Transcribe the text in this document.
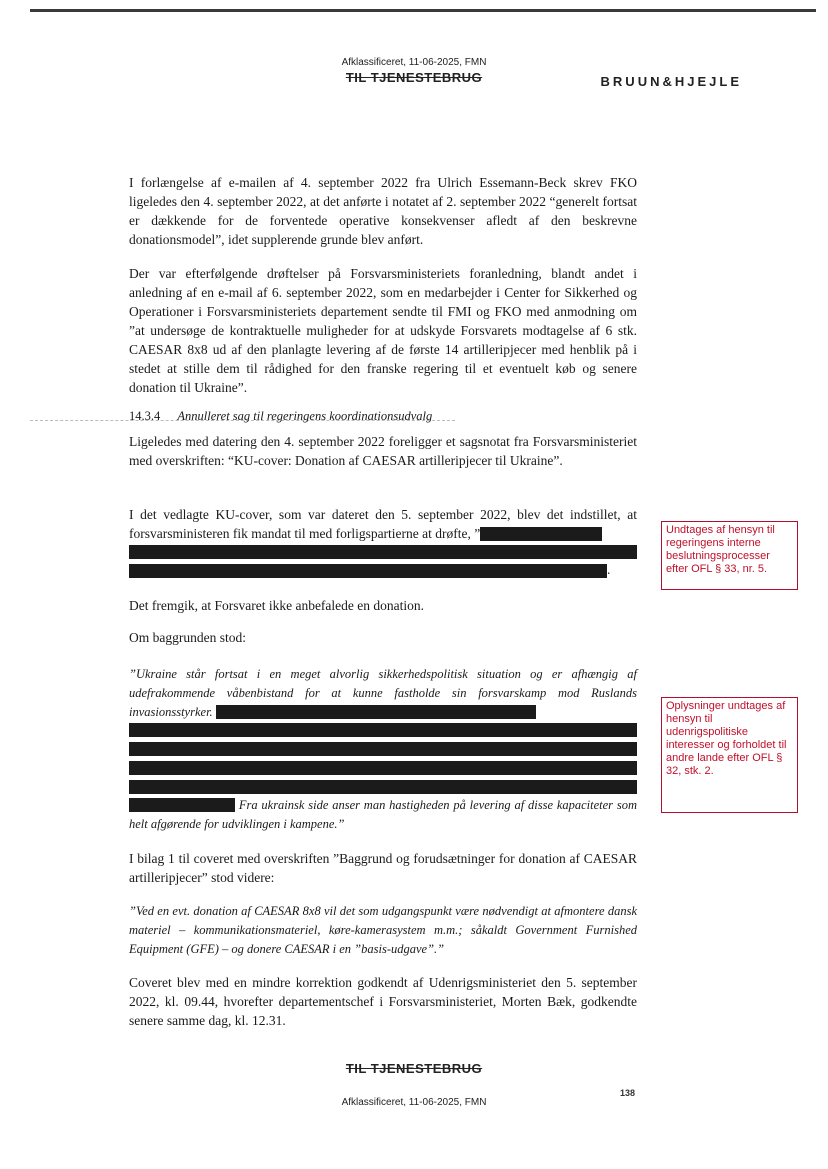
Afklassificeret, 11-06-2025, FMN
TIL TJENESTEBRUG	BRUUN&HJEJLE

I forlængelse af e-mailen af 4. september 2022 fra Ulrich Essemann-Beck skrev FKO ligeledes den 4. september 2022, at det anførte i notatet af 2. september 2022 “generelt fortsat er dækkende for de forventede operative konsekvenser afledt af den beskrevne donationsmodel”, idet supplerende grunde blev anført.

Der var efterfølgende drøftelser på Forsvarsministeriets foranledning, blandt andet i anledning af en e-mail af 6. september 2022, som en medarbejder i Center for Sikkerhed og Operationer i Forsvarsministeriets departement sendte til FMI og FKO med anmodning om ”at undersøge de kontraktuelle muligheder for at udskyde Forsvarets modtagelse af 6 stk. CAESAR 8x8 ud af den planlagte levering af de første 14 artilleripjecer med henblik på i stedet at stille dem til rådighed for den franske regering til et eventuelt køb og senere donation til Ukraine”.

14.3.4 Annulleret sag til regeringens koordinationsudvalg

Ligeledes med datering den 4. september 2022 foreligger et sagsnotat fra Forsvarsministeriet med overskriften: “KU-cover: Donation af CAESAR artilleripjecer til Ukraine”.

I det vedlagte KU-cover, som var dateret den 5. september 2022, blev det indstillet, at forsvarsministeren fik mandat til med forligspartierne at drøfte, ”

.
Undtages af hensyn til regeringens interne beslutningsprocesser efter OFL § 33, nr. 5.

Det fremgik, at Forsvaret ikke anbefalede en donation.

Om baggrunden stod:

”Ukraine står fortsat i en meget alvorlig sikkerhedspolitisk situation og er afhængig af udefrakommende våbenbistand for at kunne fastholde sin forsvarskamp mod Ruslands invasionsstyrker.

Fra ukrainsk side anser man hastigheden på levering af disse kapaciteter som helt afgørende for udviklingen i kampene.”

Oplysninger undtages af hensyn til udenrigspolitiske interesser og forholdet til andre lande efter OFL § 32, stk. 2.

I bilag 1 til coveret med overskriften ”Baggrund og forudsætninger for donation af CAESAR artilleripjecer” stod videre:

”Ved en evt. donation af CAESAR 8x8 vil det som udgangspunkt være nødvendigt at afmontere dansk materiel – kommunikationsmateriel, køre-kamerasystem m.m.; såkaldt Government Furnished Equipment (GFE) – og donere CAESAR i en ”basis-udgave”.”

Coveret blev med en mindre korrektion godkendt af Udenrigsministeriet den 5. september 2022, kl. 09.44, hvorefter departementschef i Forsvarsministeriet, Morten Bæk, godkendte senere samme dag, kl. 12.31.

TIL TJENESTEBRUG
Afklassificeret, 11-06-2025, FMN
138
